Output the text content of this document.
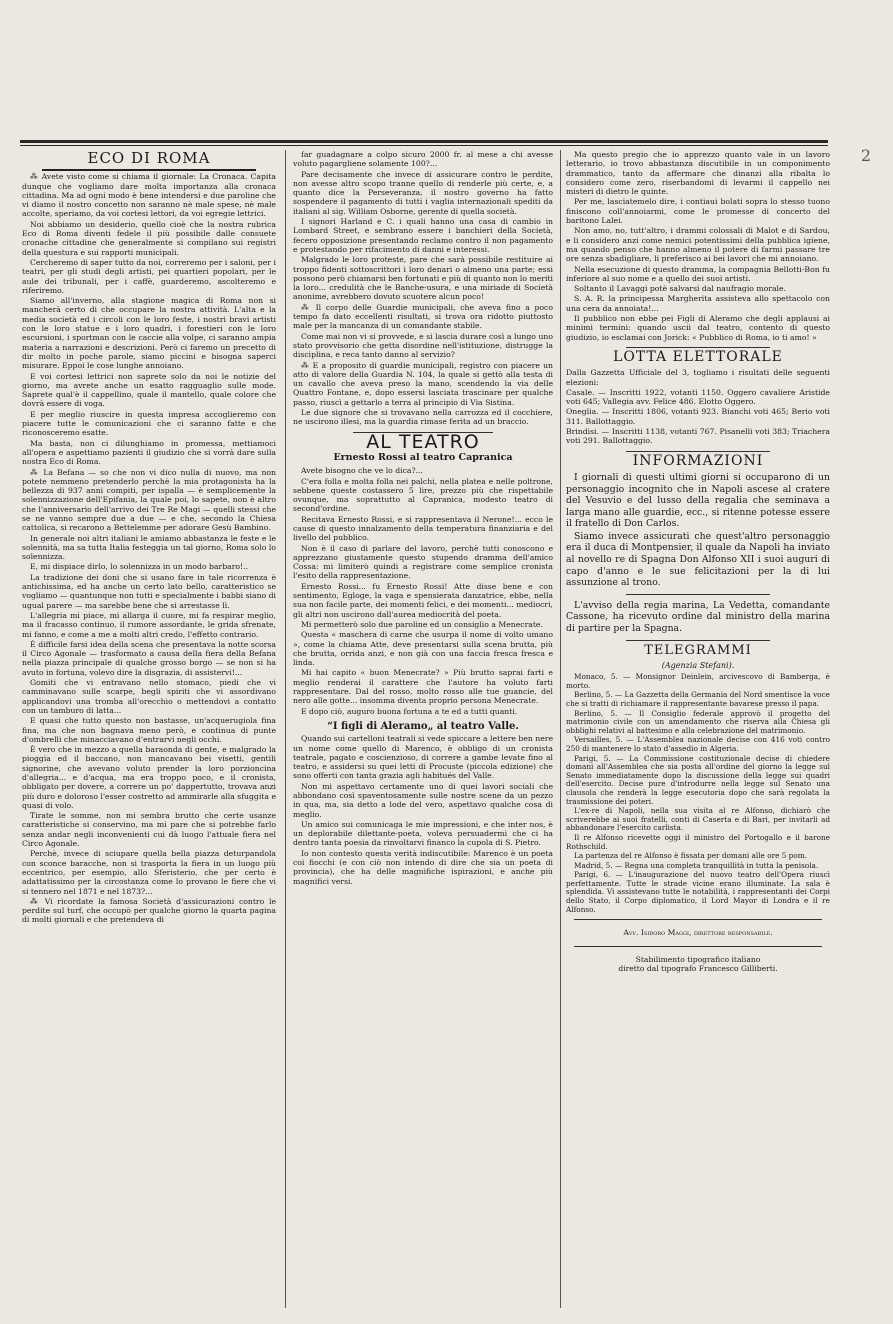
2
ECO DI ROMA

⁂ Avete visto come si chiama il giornale: La Cronaca. Capita dunque che vogliamo dare molta importanza alla cronaca cittadina. Ma ad ogni modo è bene intendersi e due paroline che vi diamo il nostro concetto non saranno nè male spese, nè male accolte, speriamo, da voi cortesi lettori, da voi egregie lettrici.

Noi abbiamo un desiderio, quello cioè che la nostra rubrica Eco di Roma diventi fedele il più possibile dalle consuete cronache cittadine che generalmente si compilano sui registri della questura e sui rapporti municipali.

Cercheremo di saper tutto da noi, correremo per i saloni, per i teatri, per gli studi degli artisti, pei quartieri popolari, per le aule dei tribunali, per i caffè, guarderemo, ascolteremo e riferiremo.

Siamo all'inverno, alla stagione magica di Roma non si mancherà certo di che occupare la nostra attività. L'alta e la media società ed i circoli con le loro feste, i nostri bravi artisti con le loro statue e i loro quadri, i forestieri con le loro escursioni, i sportman con le caccie alla volpe, ci saranno ampia materia a narrazioni e descrizioni. Però ci faremo un precetto di dir molto in poche parole, siamo piccini e bisogna saperci misurare. Eppoi le cose lunghe annoiano.

E voi cortesi lettrici non saprete solo da noi le notizie del giorno, ma avrete anche un esatto ragguaglio sulle mode. Saprete qual'è il cappellino, quale il mantello, quale colore che dovrà essere di voga.

E per meglio riuscire in questa impresa accoglieremo con piacere tutte le comunicazioni che ci saranno fatte e che riconosceremo esatte.

Ma basta, non ci dilunghiamo in promessa, mettiamoci all'opera e aspettiamo pazienti il giudizio che si vorrà dare sulla nostra Eco di Roma.

⁂ La Befana — so che non vi dico nulla di nuovo, ma non potete nemmeno pretenderlo perchè la mia protagonista ha la bellezza di 937 anni compiti, per ispalla — è semplicemente la solennizzazione dell'Epifania, la quale poi, lo sapete, non è altro che l'anniversario dell'arrivo dei Tre Re Magi — quelli stessi che se ne vanno sempre due a due — e che, secondo la Chiesa cattolica, si recarono a Bettelemme per adorare Gesù Bambino.

In generale noi altri italiani le amiamo abbastanza le feste e le solennità, ma sa tutta Italia festeggia un tal giorno, Roma solo lo solennizza.

E, mi dispiace dirlo, lo solennizza in un modo barbaro!..

La tradizione dei doni che si usano fare in tale ricorrenza è antichissima, ed ha anche un certo lato bello, caratteristico se vogliamo — quantunque non tutti e specialmente i babbi siano di ugual parere — ma sarebbe bene che si arrestasse lì.

L'allegria mi piace, mi allarga il cuore, mi fa respirar meglio, ma il fracasso continuo, il rumore assordante, le grida sfrenate, mi fanno, e come a me a molti altri credo, l'effetto contrario.

È difficile farsi idea della scena che presentava la notte scorsa il Circo Agonale — trasformato a causa della fiera della Befana nella piazza principale di qualche grosso borgo — se non si ha avuto in fortuna, volevo dire la disgrazia, di assistervi!...

Gomiti che vi entravano nello stomaco, piedi che vi camminavano sulle scarpe, begli spiriti che vi assordivano applicandovi una tromba all'orecchio o mettendovi a contatto con un tamburo di latta...

E quasi che tutto questo non bastasse, un'acquerugiola fina fina, ma che non bagnava meno però, e continua di punte d'ombrelli che minacciavano d'entrarvi negli occhi.

È vero che in mezzo a quella baraonda di gente, e malgrado la pioggia ed il baccano, non mancavano bei visetti, gentili signorine, che avevano voluto prender la loro porzioncina d'allegria... e d'acqua, ma era troppo poco, e il cronista, obbligato per dovere, a correre un po' dappertutto, trovava anzi più duro e doloroso l'esser costretto ad ammirarle alla sfuggita e quasi di volo.

Tirate le somme, non mi sembra brutto che certe usanze caratteristiche si conservino, ma mi pare che si potrebbe farlo senza andar negli inconvenienti cui dà luogo l'attuale fiera nel Circo Agonale.

Perchè, invece di sciupare quella bella piazza deturpandola con sconce baracche, non si trasporta la fiera in un luogo più eccentrico, per esempio, allo Sferisterio, che per certo è adattatissimo per la circostanza come lo provano le fiere che vi si tennero nel 1871 e nel 1873?...

⁂ Vi ricordate la famosa Società d'assicurazioni contro le perdite sul turf, che occupò per qualche giorno la quarta pagina di molti giornali e che pretendeva di

far guadagnare a colpo sicuro 2000 fr. al mese a chi avesse voluto pagargliene solamente 100?...

Pare decisamente che invece di assicurare contro le perdite, non avesse altro scopo tranne quello di renderle più certe, e, a quanto dice la Perseveranza, il nostro governo ha fatto sospendere il pagamento di tutti i vaglia internazionali spediti da italiani al sig. William Osborne, gerente di quella società.

I signori Harland e C. i quali hanno una casa di cambio in Lombard Street, e sembrano essere i banchieri della Società, fecero opposizione presentando reclamo contro il non pagamento e protestando per rifacimento di danni e interessi.

Malgrado le loro proteste, pare che sarà possibile restituire ai troppo fidenti sottoscrittori i loro denari o almeno una parte; essi possono però chiamarsi ben fortunati e più di quanto non lo meriti la loro... credulità che le Banche-usura, e una miriade di Società anonime, avrebbero dovuto scuotere alcun poco!

⁂ Il corpo delle Guardie municipali, che aveva fino a poco tempo fa dato eccellenti risultati, si trova ora ridotto piuttosto male per la mancanza di un comandante stabile.

Come mai non vi si provvede, e si lascia durare così a lungo uno stato provvisorio che getta disordine nell'istituzione, distrugge la disciplina, e reca tanto danno al servizio?

⁂ E a proposito di guardie municipali, registro con piacere un atto di valore della Guardia N. 104, la quale si gettò alla testa di un cavallo che aveva preso la mano, scendendo la via delle Quattro Fontane, e, dopo essersi lasciata trascinare per qualche passo, riuscì a gettarlo a terra al principio di Via Sistina.

Le due signore che si trovavano nella carrozza ed il cocchiere, ne uscirono illesi, ma la guardia rimase ferita ad un braccio.

AL TEATRO
Ernesto Rossi al teatro Capranica

Avete bisogno che ve lo dica?...

C'era folla e molta folla nei palchi, nella platea e nelle poltrone, sebbene queste costassero 5 lire, prezzo più che rispettabile ovunque, ma soprattutto al Capranica, modesto teatro di second'ordine.

Recitava Ernesto Rossi, e si rappresentava il Nerone!... ecco le cause di questo innalzamento della temperatura finanziaria e del livello del pubblico.

Non è il caso di parlare del lavoro, perchè tutti conoscono e apprezzano giustamente questo stupendo dramma dell'amico Cossa: mi limiterò quindi a registrare come semplice cronista l'esito della rappresentazione.

Ernesto Rossi... fu Ernesto Rossi! Atte disse bene e con sentimento, Egloge, la vaga e spensierata danzatrice, ebbe, nella sua non facile parte, dei momenti felici, e dei momenti... mediocri, gli altri non uscirono dall'aurea mediocrità del poeta.

Mi permetterò solo due paroline ed un consiglio a Menecrate.

Questa « maschera di carne che usurpa il nome di volto umano », come la chiama Atte, deve presentarsi sulla scena brutta, più che brutta, orrida anzi, e non già con una faccia fresca fresca e linda.

Mi hai capito « buon Menecrate? » Più brutto saprai farti e meglio renderai il carattere che l'autore ha voluto farti rappresentare. Dal del rosso, molto rosso alle tue guancie, del nero alle gotte... insomma diventa proprio persona Menecrate.

E dopo ciò, auguro buona fortuna a te ed a tutti quanti.

“I figli di Aleramo„ al teatro Valle.

Quando sui cartelloni teatrali si vede spiccare a lettere ben nere un nome come quello di Marenco, è obbligo di un cronista teatrale, pagato e coscienzioso, di correre a gambe levate fino al teatro, e assidersi su quei letti di Procuste (piccola edizione) che sono offerti con tanta grazia agli habitués del Valle.

Non mi aspettavo certamente uno di quei lavori sociali che abbondano così spaventosamente sulle nostre scene da un pezzo in qua, ma, sia detto a lode del vero, aspettavo qualche cosa di meglio.

Un amico sui comunicaga le mie impressioni, e che inter nos, è un deplorabile dilettante-poeta, voleva persuadermi che ci ha dentro tanta poesia da rinvoltarvi financo la cupola di S. Pietro.

Io non contesto questa verità indiscutibile: Marenco è un poeta coi fiocchi (e con ciò non intendo di dire che sia un poeta di provincia), che ha delle magnifiche ispirazioni, e anche più magnifici versi.

Ma questo pregio che io apprezzo quanto vale in un lavoro letterario, io trovo abbastanza discutibile in un componimento drammatico, tanto da affermare che dinanzi alla ribalta lo considero come zero, riserbandomi di levarmi il cappello nei misteri di dietro le quinte.

Per me, lasciatemelo dire, i contiaui bolati sopra lo stesso tuono finiscono coll'annoiarmi, come le promesse di concerto del baritono Lalei.

Non amo, no, tutt'altro, i drammi colossali di Malot e di Sardou, e li considero anzi come nemici potentissimi della pubblica igiene, ma quando penso che hanno almeno il potere di farmi passare tre ore senza sbadigliare, li preferisco ai bei lavori che mi annoiano.

Nella esecuzione di questo dramma, la compagnia Bellotti-Bon fu inferiore al suo nome e a quello dei suoi artisti.

Soltanto il Lavaggi potè salvarsi dal naufragio morale.

S. A. R. la principessa Margherita assisteva allo spettacolo con una cera da annoiata!...

Il pubblico non ebbe pei Figli di Aleramo che degli applausi ai minimi termini: quando uscii dal teatro, contento di questo giudizio, io esclamai con Jorick: « Pubblico di Roma, io ti amo! »

LOTTA ELETTORALE

Dalla Gazzetta Ufficiale del 3, togliamo i risultati delle seguenti elezioni:

Casale. — Inscritti 1922, votanti 1150. Oggero cavaliere Aristide voti 645; Vallegia avv. Felice 486. Elotto Oggero.

Oneglia. — Inscritti 1806, votanti 923. Bianchi voti 465; Berio voti 311. Ballottaggio.

Brindisi. — Inscritti 1138, votanti 767. Pisanelli voti 383; Triachera voti 291. Ballottaggio.

INFORMAZIONI

I giornali di questi ultimi giorni si occuparono di un personaggio incognito che in Napoli ascese al cratere del Vesuvio e del lusso della regalia che seminava a larga mano alle guardie, ecc., si ritenne potesse essere il fratello di Don Carlos.

Siamo invece assicurati che quest'altro personaggio era il duca di Montpensier, il quale da Napoli ha inviato al novello re di Spagna Don Alfonso XII i suoi auguri di capo d'anno e le sue felicitazioni per la di lui assunzione al trono.

L'avviso della regia marina, La Vedetta, comandante Cassone, ha ricevuto ordine dal ministro della marina di partire per la Spagna.

TELEGRAMMI
(Agenzia Stefani).

Monaco, 5. — Monsignor Deinlein, arcivescovo di Bamberga, è morto.

Berlino, 5. — La Gazzetta della Germania del Nord smentisce la voce che si tratti di richiamare il rappresentante bavarese presso il papa.

Berlino, 5. — Il Consiglio federale approvò il progetto del matrimonio civile con un amendamento che riserva alla Chiesa gli obblighi relativi al battesimo e alla celebrazione del matrimonio.

Versailles, 5. — L'Assemblea nazionale decise con 416 voti contro 250 di mantenere lo stato d'assedio in Algeria.

Parigi, 5. — La Commissione costituzionale decise di chiedere domani all'Assemblea che sia posta all'ordine del giorno la legge sul Senato immediatamente dopo la discussione della legge sui quadri dell'esercito. Decise pure d'introdurre nella legge sul Senato una clausola che renderà la legge esecutoria dopo che sarà regolata la trasmissione dei poteri.

L'ex-re di Napoli, nella sua visita al re Alfonso, dichiarò che scriverebbe ai suoi fratelli, conti di Caserta e di Bari, per invitarli ad abbandonare l'esercito carlista.

Il re Alfonso ricevette oggi il ministro del Portogallo e il barone Rothschild.

La partenza del re Alfonso è fissata per domani alle ore 5 pom.

Madrid, 5. — Regna una completa tranquillità in tutta la penisola.

Parigi, 6. — L'inaugurazione del nuovo teatro dell'Opera riuscì perfettamente. Tutte le strade vicine erano illuminate. La sala è splendida. Vi assistevano tutte le notabilità, i rappresentanti dei Corpi dello Stato, il Corpo diplomatico, il Lord Mayor di Londra e il re Alfonso.

Avv. Isidoro Maggi, direttore responsabile.
Stabilimento tipografico italiano
diretto dal tipografo Francesco Gilliberti.
